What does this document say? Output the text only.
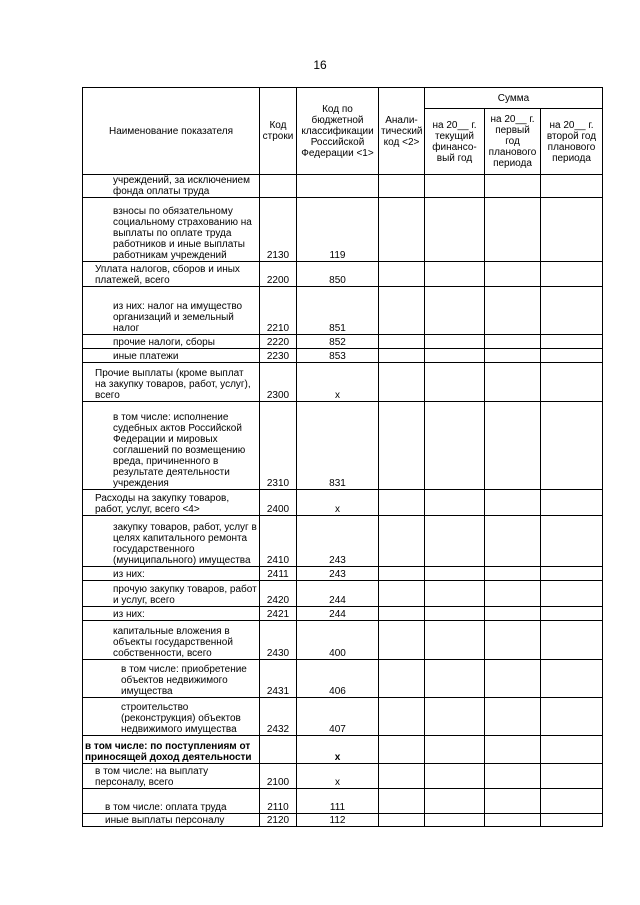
16
Наименование показателя	Код строки	Код по бюджетной классификации Российской Федерации <1>	Анали-тический код <2>	Сумма		
				на 20__ г. текущий финансо-вый год	на 20__ г. первый год планового периода	на 20__ г. второй год планового периода
учреждений, за исключением фонда оплаты труда						
взносы по обязательному социальному страхованию на выплаты по оплате труда работников и иные выплаты работникам учреждений	2130	119				
Уплата налогов, сборов и иных платежей, всего	2200	850				
из них: налог на имущество организаций и земельный налог	2210	851				
прочие налоги, сборы	2220	852				
иные платежи	2230	853				
Прочие выплаты (кроме выплат на закупку товаров, работ, услуг), всего	2300	x				
в том числе: исполнение судебных актов Российской Федерации и мировых соглашений по возмещению вреда, причиненного в результате деятельности учреждения	2310	831				
Расходы на закупку товаров, работ, услуг, всего <4>	2400	x				
закупку товаров, работ, услуг в целях капитального ремонта государственного (муниципального) имущества	2410	243				
из них:	2411	243				
прочую закупку товаров, работ и услуг, всего	2420	244				
из них:	2421	244				
капитальные вложения в объекты государственной собственности, всего	2430	400				
в том числе: приобретение объектов недвижимого имущества	2431	406				
строительство (реконструкция) объектов недвижимого имущества	2432	407				
в том числе: по поступлениям от приносящей доход деятельности		x				
в том числе: на выплату персоналу, всего	2100	x				
в том числе: оплата труда	2110	111				
иные выплаты персоналу	2120	112				
